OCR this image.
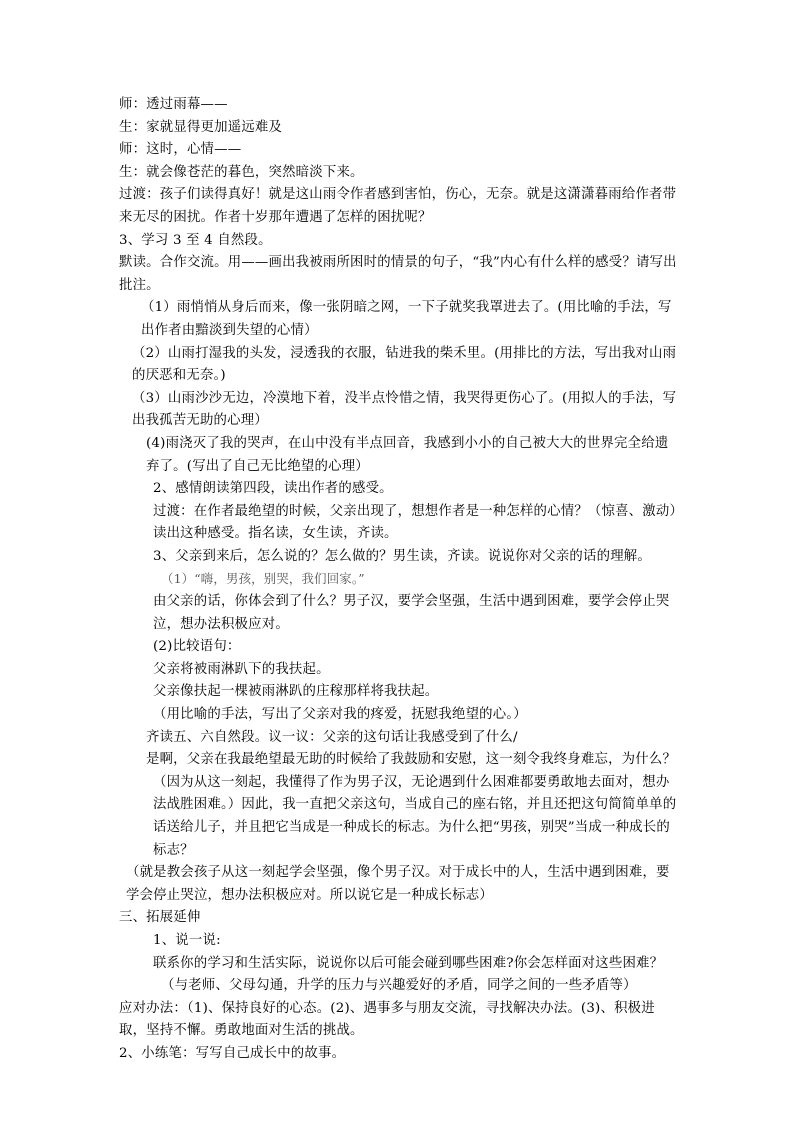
师：透过雨幕——

生：家就显得更加遥远难及

师：这时，心情——

生：就会像苍茫的暮色，突然暗淡下来。

过渡：孩子们读得真好！就是这山雨令作者感到害怕，伤心，无奈。就是这潇潇暮雨给作者带来无尽的困扰。作者十岁那年遭遇了怎样的困扰呢？

3、学习 3 至 4 自然段。

默读。合作交流。用——画出我被雨所困时的情景的句子，“我”内心有什么样的感受？请写出批注。

（1）雨悄悄从身后而来，像一张阴暗之网，一下子就奖我罩进去了。(用比喻的手法，写出作者由黯淡到失望的心情）

（2）山雨打湿我的头发，浸透我的衣服，钻进我的柴禾里。(用排比的方法，写出我对山雨的厌恶和无奈。)

（3）山雨沙沙无边，冷漠地下着，没半点怜惜之情，我哭得更伤心了。(用拟人的手法，写出我孤苦无助的心理）

(4)雨浇灭了我的哭声，在山中没有半点回音，我感到小小的自己被大大的世界完全给遗弃了。(写出了自己无比绝望的心理）

2、感情朗读第四段，读出作者的感受。

过渡：在作者最绝望的时候，父亲出现了，想想作者是一种怎样的心情？（惊喜、激动）读出这种感受。指名读，女生读，齐读。

3、父亲到来后，怎么说的？怎么做的？男生读，齐读。说说你对父亲的话的理解。

（1）“嗨，男孩，别哭，我们回家。”

由父亲的话，你体会到了什么？男子汉，要学会坚强，生活中遇到困难，要学会停止哭泣，想办法积极应对。

(2)比较语句：

父亲将被雨淋趴下的我扶起。

父亲像扶起一棵被雨淋趴的庄稼那样将我扶起。

（用比喻的手法，写出了父亲对我的疼爱，抚慰我绝望的心。）

齐读五、六自然段。议一议：父亲的这句话让我感受到了什么/

是啊，父亲在我最绝望最无助的时候给了我鼓励和安慰，这一刻令我终身难忘，为什么？

（因为从这一刻起，我懂得了作为男子汉，无论遇到什么困难都要勇敢地去面对，想办法战胜困难。）因此，我一直把父亲这句，当成自己的座右铭，并且还把这句简简单单的话送给儿子，并且把它当成是一种成长的标志。为什么把“男孩，别哭”当成一种成长的标志？

（就是教会孩子从这一刻起学会坚强，像个男子汉。对于成长中的人，生活中遇到困难，要学会停止哭泣，想办法积极应对。所以说它是一种成长标志）

三、拓展延伸

1、说一说:

联系你的学习和生活实际，说说你以后可能会碰到哪些困难?你会怎样面对这些困难？

（与老师、父母勾通，升学的压力与兴趣爱好的矛盾，同学之间的一些矛盾等）

应对办法：（1)、保持良好的心态。(2)、遇事多与朋友交流，寻找解决办法。(3)、积极进取，坚持不懈。勇敢地面对生活的挑战。

2、小练笔：写写自己成长中的故事。
